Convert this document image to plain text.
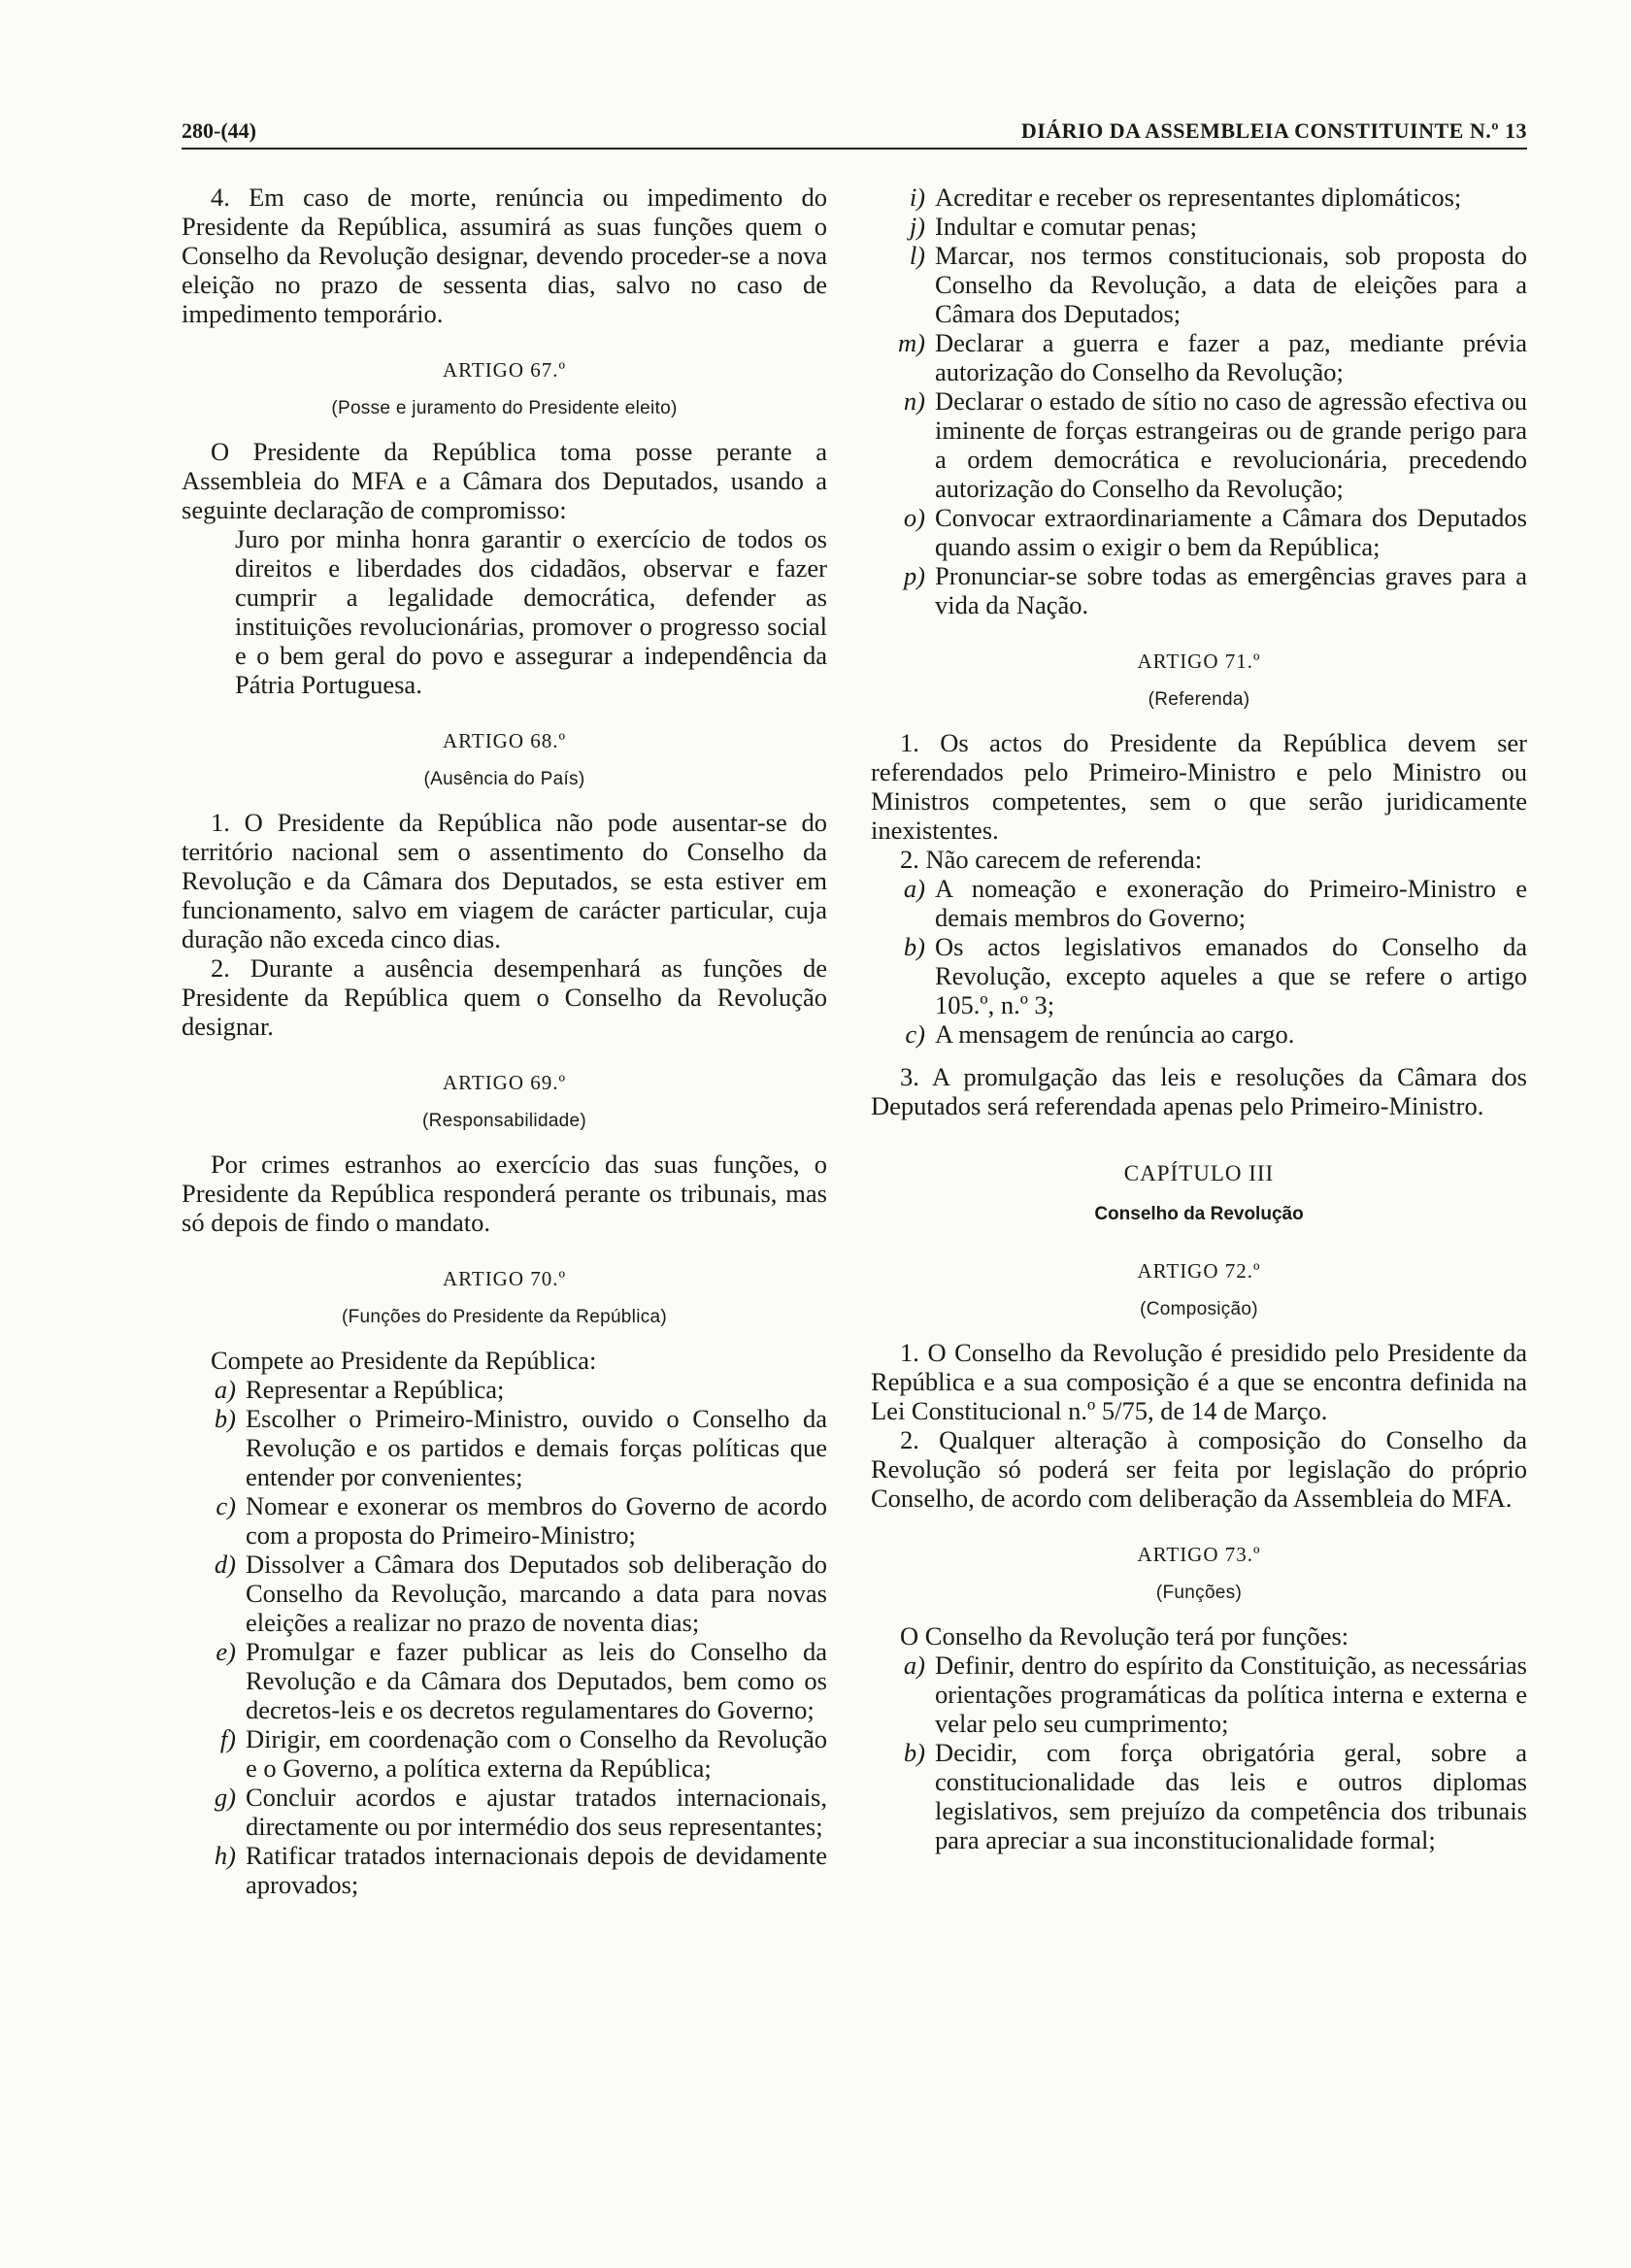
280-(44)	DIÁRIO DA ASSEMBLEIA CONSTITUINTE N.º 13

4. Em caso de morte, renúncia ou impedimento do Presidente da República, assumirá as suas funções quem o Conselho da Revolução designar, devendo proceder-se a nova eleição no prazo de sessenta dias, salvo no caso de impedimento temporário.

ARTIGO 67.º
(Posse e juramento do Presidente eleito)

O Presidente da República toma posse perante a Assembleia do MFA e a Câmara dos Deputados, usando a seguinte declaração de compromisso:

Juro por minha honra garantir o exercício de todos os direitos e liberdades dos cidadãos, observar e fazer cumprir a legalidade democrática, defender as instituições revolucionárias, promover o progresso social e o bem geral do povo e assegurar a independência da Pátria Portuguesa.

ARTIGO 68.º
(Ausência do País)

1. O Presidente da República não pode ausentar-se do território nacional sem o assentimento do Conselho da Revolução e da Câmara dos Deputados, se esta estiver em funcionamento, salvo em viagem de carácter particular, cuja duração não exceda cinco dias.

2. Durante a ausência desempenhará as funções de Presidente da República quem o Conselho da Revolução designar.

ARTIGO 69.º
(Responsabilidade)

Por crimes estranhos ao exercício das suas funções, o Presidente da República responderá perante os tribunais, mas só depois de findo o mandato.

ARTIGO 70.º
(Funções do Presidente da República)

Compete ao Presidente da República:

a) Representar a República;
b) Escolher o Primeiro-Ministro, ouvido o Conselho da Revolução e os partidos e demais forças políticas que entender por convenientes;
c) Nomear e exonerar os membros do Governo de acordo com a proposta do Primeiro-Ministro;
d) Dissolver a Câmara dos Deputados sob deliberação do Conselho da Revolução, marcando a data para novas eleições a realizar no prazo de noventa dias;
e) Promulgar e fazer publicar as leis do Conselho da Revolução e da Câmara dos Deputados, bem como os decretos-leis e os decretos regulamentares do Governo;
f) Dirigir, em coordenação com o Conselho da Revolução e o Governo, a política externa da República;
g) Concluir acordos e ajustar tratados internacionais, directamente ou por intermédio dos seus representantes;
h) Ratificar tratados internacionais depois de devidamente aprovados;
i) Acreditar e receber os representantes diplomáticos;
j) Indultar e comutar penas;
l) Marcar, nos termos constitucionais, sob proposta do Conselho da Revolução, a data de eleições para a Câmara dos Deputados;
m) Declarar a guerra e fazer a paz, mediante prévia autorização do Conselho da Revolução;
n) Declarar o estado de sítio no caso de agressão efectiva ou iminente de forças estrangeiras ou de grande perigo para a ordem democrática e revolucionária, precedendo autorização do Conselho da Revolução;
o) Convocar extraordinariamente a Câmara dos Deputados quando assim o exigir o bem da República;
p) Pronunciar-se sobre todas as emergências graves para a vida da Nação.
ARTIGO 71.º
(Referenda)

1. Os actos do Presidente da República devem ser referendados pelo Primeiro-Ministro e pelo Ministro ou Ministros competentes, sem o que serão juridicamente inexistentes.

2. Não carecem de referenda:

a) A nomeação e exoneração do Primeiro-Ministro e demais membros do Governo;
b) Os actos legislativos emanados do Conselho da Revolução, excepto aqueles a que se refere o artigo 105.º, n.º 3;
c) A mensagem de renúncia ao cargo.

3. A promulgação das leis e resoluções da Câmara dos Deputados será referendada apenas pelo Primeiro-Ministro.

CAPÍTULO III
Conselho da Revolução
ARTIGO 72.º
(Composição)

1. O Conselho da Revolução é presidido pelo Presidente da República e a sua composição é a que se encontra definida na Lei Constitucional n.º 5/75, de 14 de Março.

2. Qualquer alteração à composição do Conselho da Revolução só poderá ser feita por legislação do próprio Conselho, de acordo com deliberação da Assembleia do MFA.

ARTIGO 73.º
(Funções)

O Conselho da Revolução terá por funções:

a) Definir, dentro do espírito da Constituição, as necessárias orientações programáticas da política interna e externa e velar pelo seu cumprimento;
b) Decidir, com força obrigatória geral, sobre a constitucionalidade das leis e outros diplomas legislativos, sem prejuízo da competência dos tribunais para apreciar a sua inconstitucionalidade formal;
